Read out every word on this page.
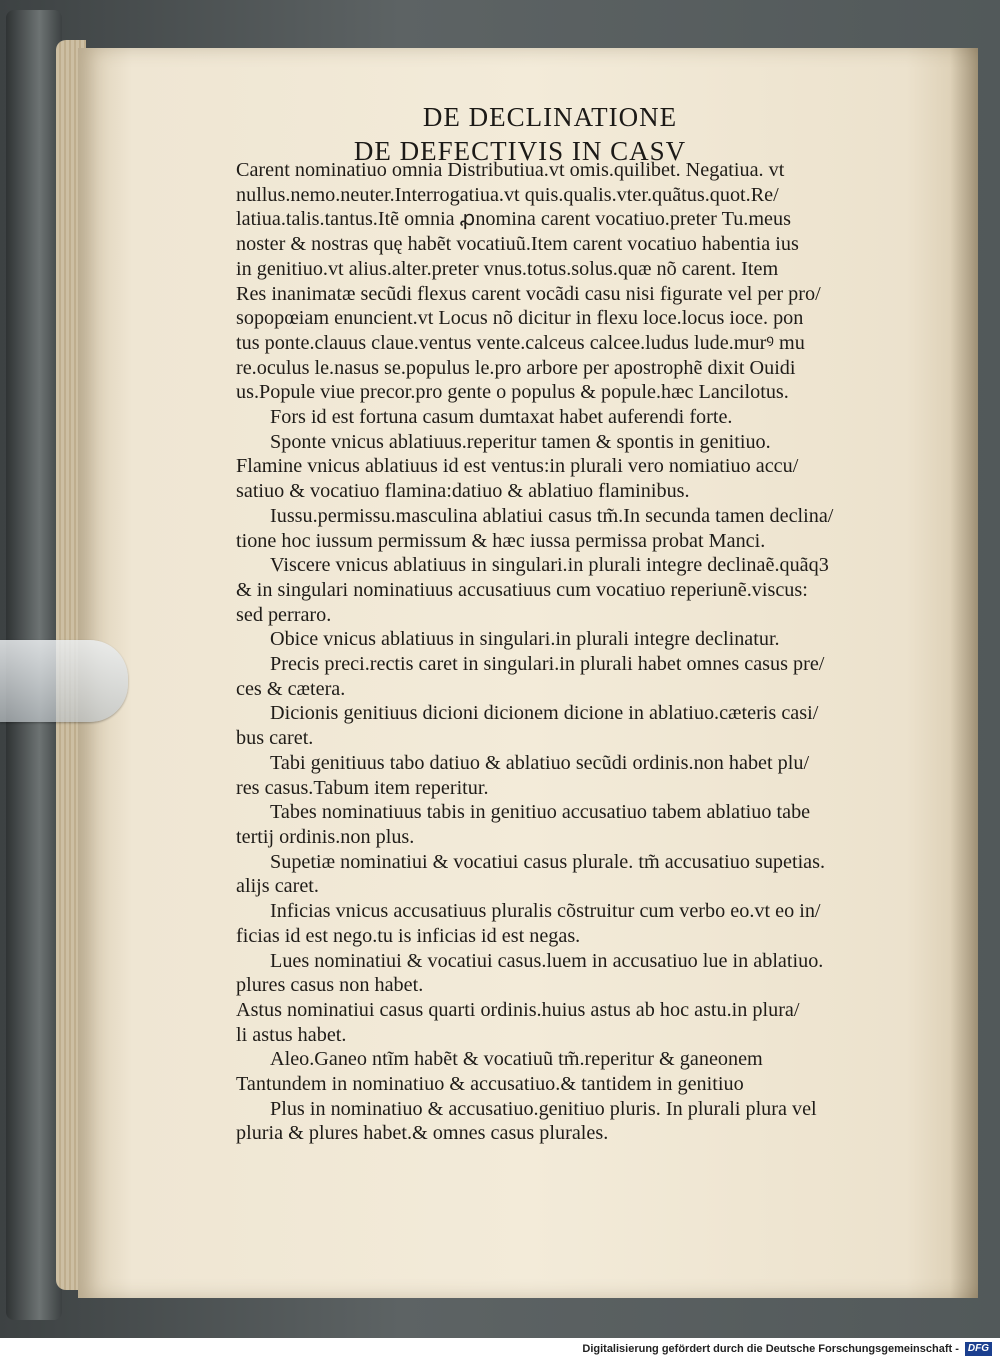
DE DECLINATIONE
DE DEFECTIVIS IN CASV
Carent nominatiuo omnia Distributiua.vt omis.quilibet. Negatiua. vt
nullus.nemo.neuter.Interrogatiua.vt quis.qualis.vter.quãtus.quot.Re/
latiua.talis.tantus.Itẽ omnia ꝓnomina carent vocatiuo.preter Tu.meus
noster & nostras quę habẽt vocatiuũ.Item carent vocatiuo habentia ius
in genitiuo.vt alius.alter.preter vnus.totus.solus.quæ nõ carent. Item
Res inanimatæ secũdi flexus carent vocãdi casu nisi figurate vel per pro/
sopopœiam enuncient.vt Locus nõ dicitur in flexu loce.locus ioce. pon
tus ponte.clauus claue.ventus vente.calceus calcee.ludus lude.murꝰ mu
re.oculus le.nasus se.populus le.pro arbore per apostrophẽ dixit Ouidi
us.Popule viue precor.pro gente o populus & popule.hæc Lancilotus.
Fors id est fortuna casum dumtaxat habet auferendi forte.
Sponte vnicus ablatiuus.reperitur tamen & spontis in genitiuo.
Flamine vnicus ablatiuus id est ventus:in plurali vero nomiatiuo accu/
satiuo & vocatiuo flamina:datiuo & ablatiuo flaminibus.
Iussu.permissu.masculina ablatiui casus tm̃.In secunda tamen declina/
tione hoc iussum permissum & hæc iussa permissa probat Manci.
Viscere vnicus ablatiuus in singulari.in plurali integre declinaẽ.quãq3
& in singulari nominatiuus accusatiuus cum vocatiuo reperiunẽ.viscus:
sed perraro.
Obice vnicus ablatiuus in singulari.in plurali integre declinatur.
Precis preci.rectis caret in singulari.in plurali habet omnes casus pre/
ces & cætera.
Dicionis genitiuus dicioni dicionem dicione in ablatiuo.cæteris casi/
bus caret.
Tabi genitiuus tabo datiuo & ablatiuo secũdi ordinis.non habet plu/
res casus.Tabum item reperitur.
Tabes nominatiuus tabis in genitiuo accusatiuo tabem ablatiuo tabe
tertij ordinis.non plus.
Supetiæ nominatiui & vocatiui casus plurale. tm̃ accusatiuo supetias.
alijs caret.
Inficias vnicus accusatiuus pluralis cõstruitur cum verbo eo.vt eo in/
ficias id est nego.tu is inficias id est negas.
Lues nominatiui & vocatiui casus.luem in accusatiuo lue in ablatiuo.
plures casus non habet.
Astus nominatiui casus quarti ordinis.huius astus ab hoc astu.in plura/
li astus habet.
Aleo.Ganeo ntĩm habẽt & vocatiuũ tm̃.reperitur & ganeonem
Tantundem in nominatiuo & accusatiuo.& tantidem in genitiuo
Plus in nominatiuo & accusatiuo.genitiuo pluris. In plurali plura vel
pluria & plures habet.& omnes casus plurales.
Digitalisierung gefördert durch die Deutsche Forschungsgemeinschaft - DFG
